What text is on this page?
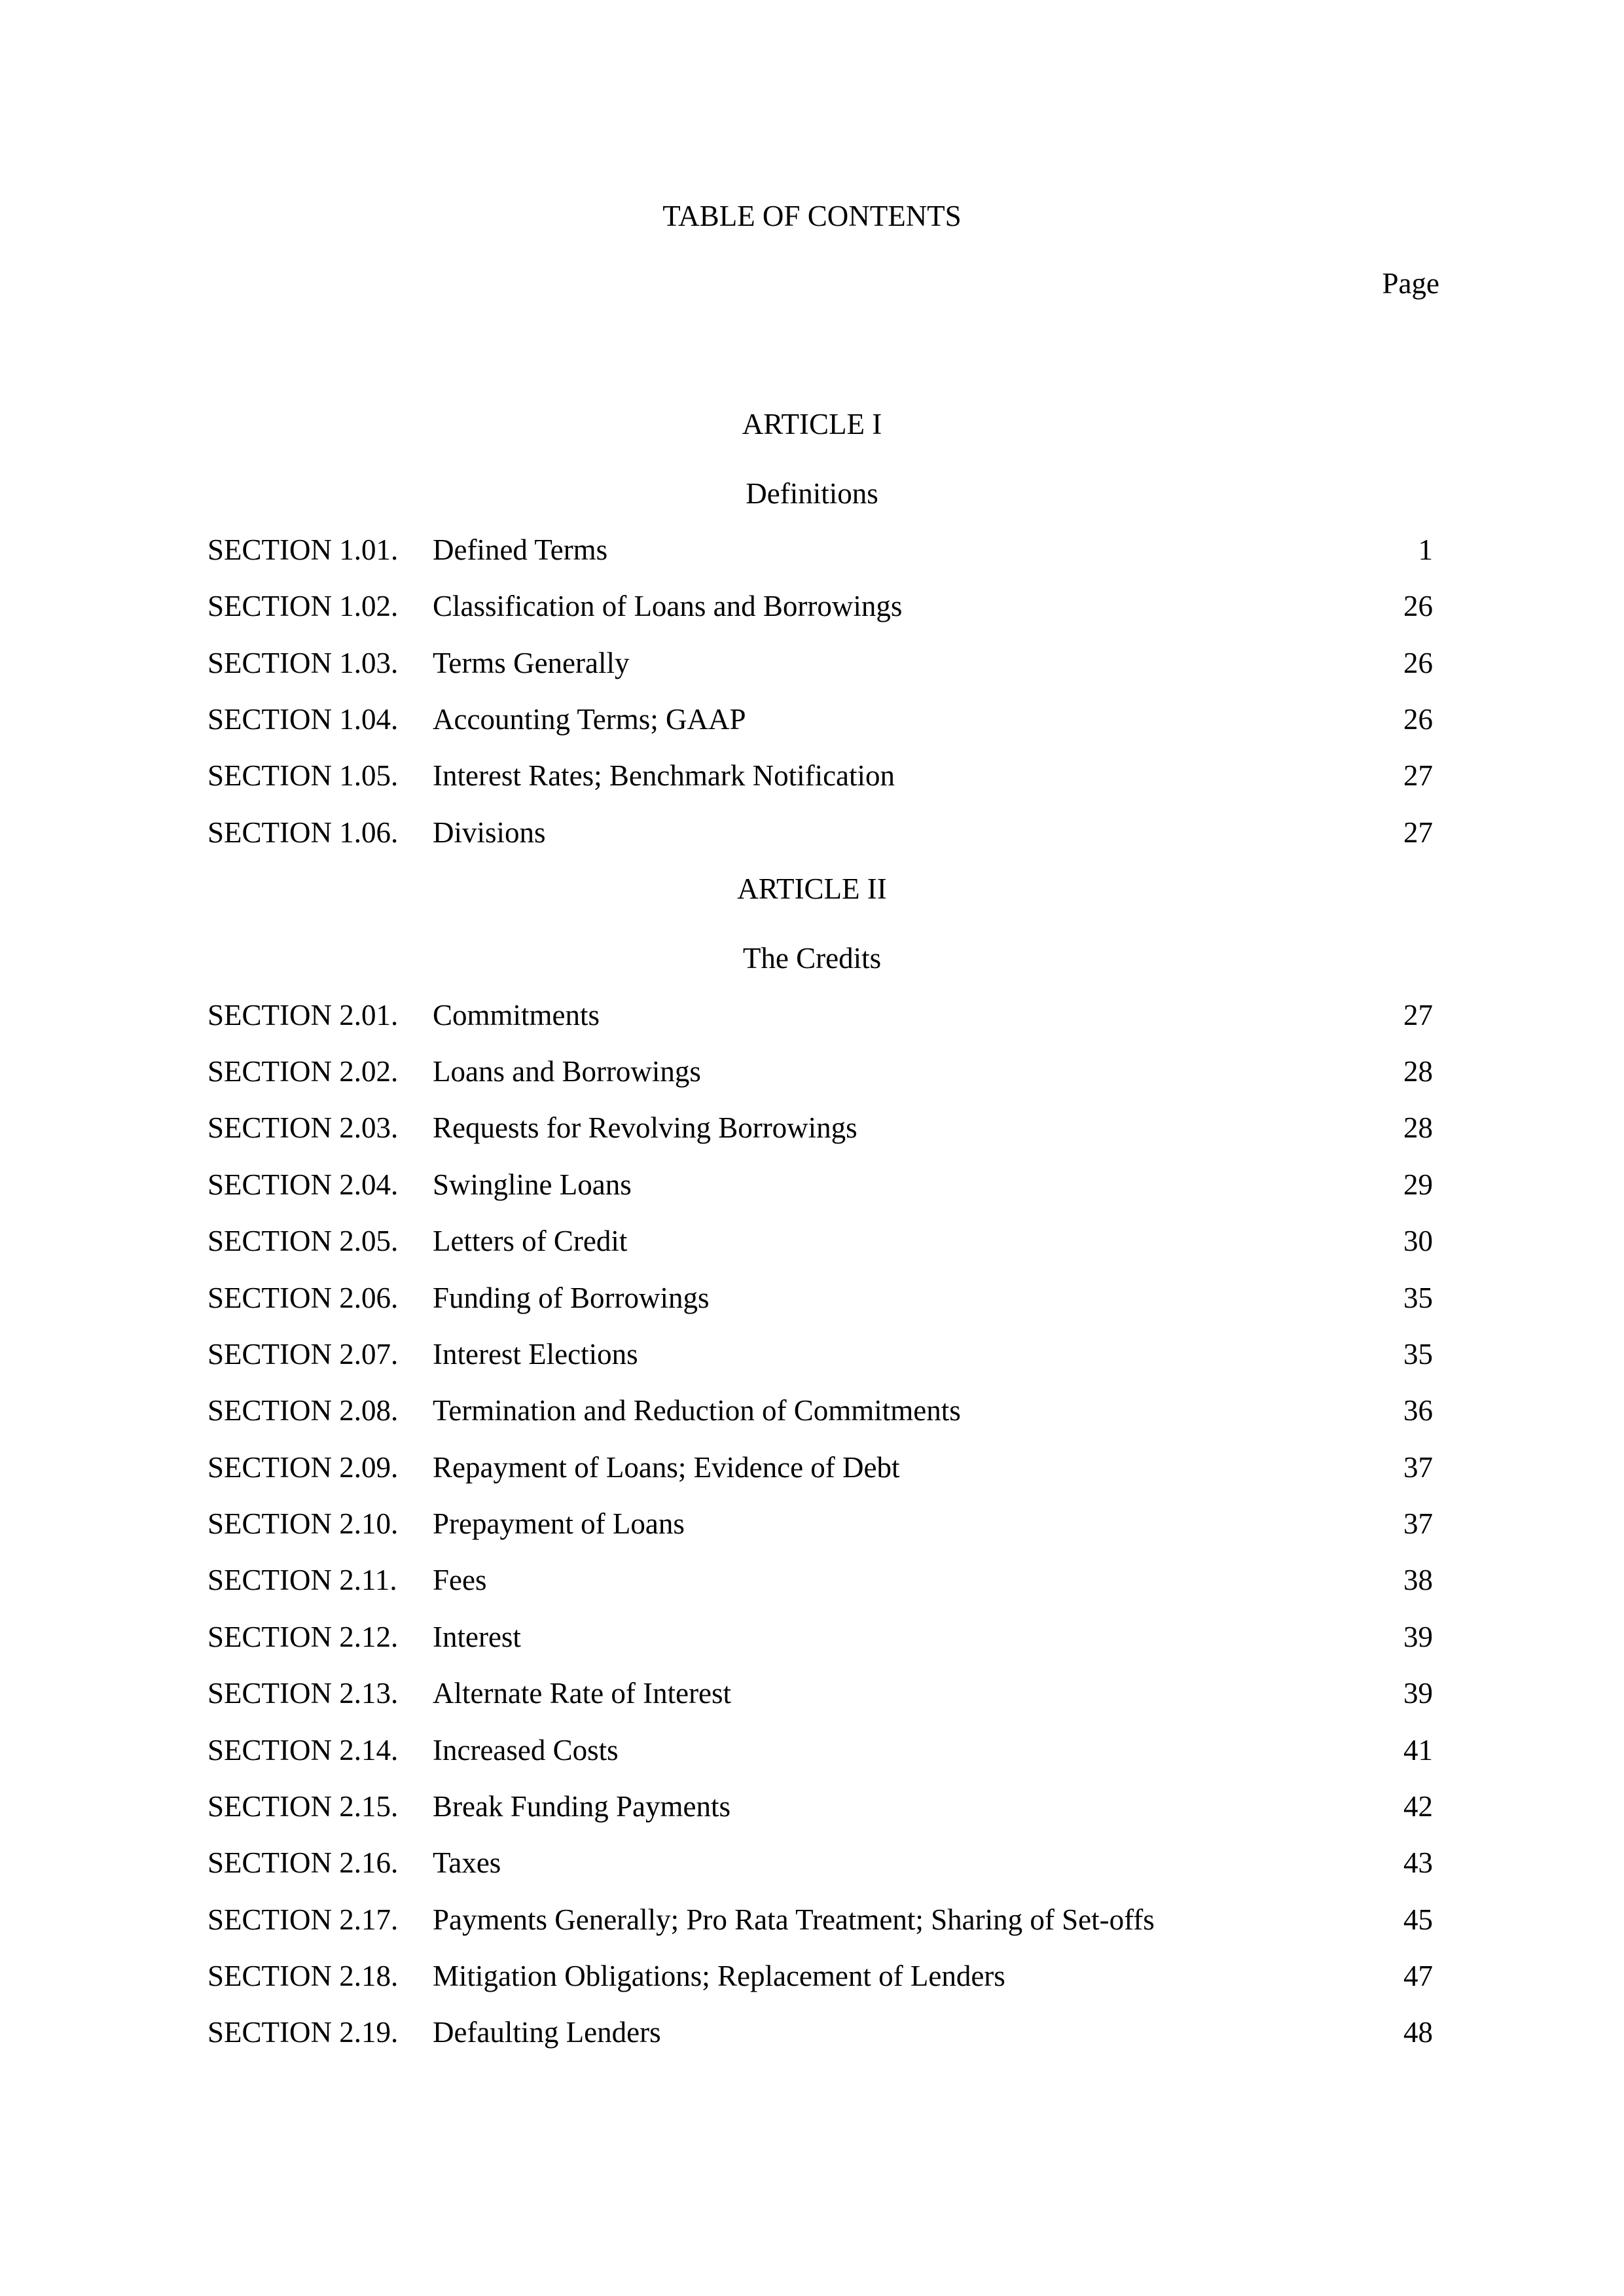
TABLE OF CONTENTS
Page
ARTICLE I
Definitions
SECTION 1.01. Defined Terms	1
SECTION 1.02. Classification of Loans and Borrowings	26
SECTION 1.03. Terms Generally	26
SECTION 1.04. Accounting Terms; GAAP	26
SECTION 1.05. Interest Rates; Benchmark Notification	27
SECTION 1.06. Divisions	27
ARTICLE II
The Credits
SECTION 2.01. Commitments	27
SECTION 2.02. Loans and Borrowings	28
SECTION 2.03. Requests for Revolving Borrowings	28
SECTION 2.04. Swingline Loans	29
SECTION 2.05. Letters of Credit	30
SECTION 2.06. Funding of Borrowings	35
SECTION 2.07. Interest Elections	35
SECTION 2.08. Termination and Reduction of Commitments	36
SECTION 2.09. Repayment of Loans; Evidence of Debt	37
SECTION 2.10. Prepayment of Loans	37
SECTION 2.11. Fees	38
SECTION 2.12. Interest	39
SECTION 2.13. Alternate Rate of Interest	39
SECTION 2.14. Increased Costs	41
SECTION 2.15. Break Funding Payments	42
SECTION 2.16. Taxes	43
SECTION 2.17. Payments Generally; Pro Rata Treatment; Sharing of Set-offs	45
SECTION 2.18. Mitigation Obligations; Replacement of Lenders	47
SECTION 2.19. Defaulting Lenders	48
